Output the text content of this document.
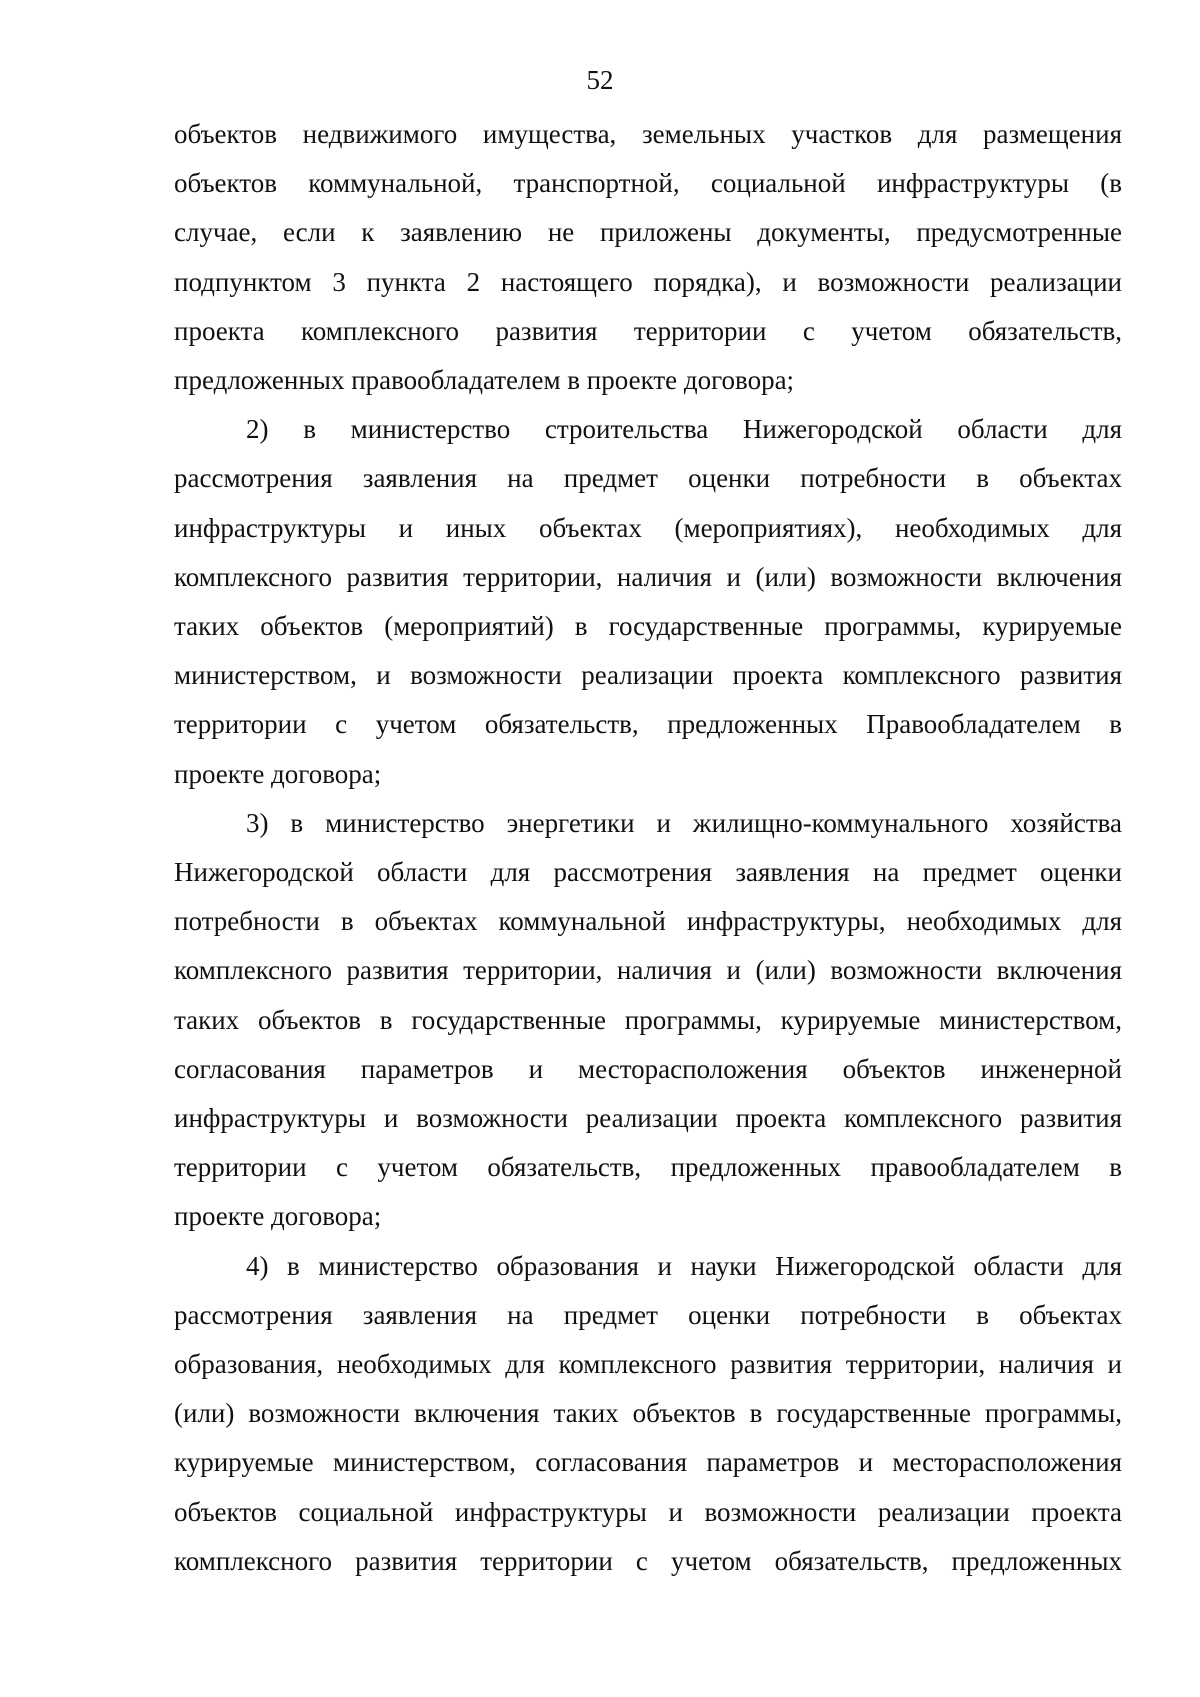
52
объектов недвижимого имущества, земельных участков для размещения
объектов коммунальной, транспортной, социальной инфраструктуры (в
случае, если к заявлению не приложены документы, предусмотренные
подпунктом 3 пункта 2 настоящего порядка), и возможности реализации
проекта комплексного развития территории с учетом обязательств,
предложенных правообладателем в проекте договора;
2) в министерство строительства Нижегородской области для
рассмотрения заявления на предмет оценки потребности в объектах
инфраструктуры и иных объектах (мероприятиях), необходимых для
комплексного развития территории, наличия и (или) возможности включения
таких объектов (мероприятий) в государственные программы, курируемые
министерством, и возможности реализации проекта комплексного развития
территории с учетом обязательств, предложенных Правообладателем в
проекте договора;
3) в министерство энергетики и жилищно-коммунального хозяйства
Нижегородской области для рассмотрения заявления на предмет оценки
потребности в объектах коммунальной инфраструктуры, необходимых для
комплексного развития территории, наличия и (или) возможности включения
таких объектов в государственные программы, курируемые министерством,
согласования параметров и месторасположения объектов инженерной
инфраструктуры и возможности реализации проекта комплексного развития
территории с учетом обязательств, предложенных правообладателем в
проекте договора;
4) в министерство образования и науки Нижегородской области для
рассмотрения заявления на предмет оценки потребности в объектах
образования, необходимых для комплексного развития территории, наличия и
(или) возможности включения таких объектов в государственные программы,
курируемые министерством, согласования параметров и месторасположения
объектов социальной инфраструктуры и возможности реализации проекта
комплексного развития территории с учетом обязательств, предложенных
